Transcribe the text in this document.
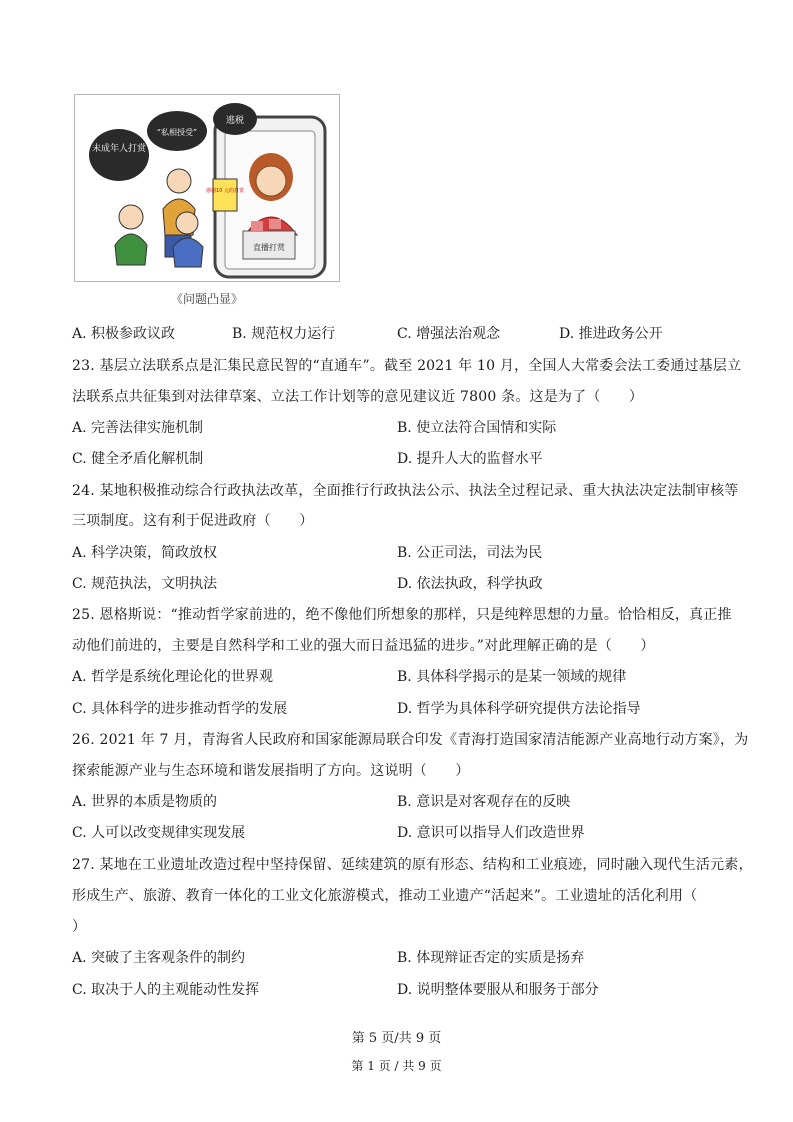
直播打赏
感谢10 元的打赏
未成年人打赏
“私相授受”
逃税
《问题凸显》
A. 积极参政议政	B. 规范权力运行	C. 增强法治观念	D. 推进政务公开
23. 基层立法联系点是汇集民意民智的“直通车”。截至 2021 年 10 月，全国人大常委会法工委通过基层立
法联系点共征集到对法律草案、立法工作计划等的意见建议近 7800 条。这是为了（　　）
A. 完善法律实施机制	B. 使立法符合国情和实际
C. 健全矛盾化解机制	D. 提升人大的监督水平
24. 某地积极推动综合行政执法改革，全面推行行政执法公示、执法全过程记录、重大执法决定法制审核等
三项制度。这有利于促进政府（　　）
A. 科学决策，简政放权	B. 公正司法，司法为民
C. 规范执法，文明执法	D. 依法执政，科学执政
25. 恩格斯说：“推动哲学家前进的，绝不像他们所想象的那样，只是纯粹思想的力量。恰恰相反，真正推
动他们前进的，主要是自然科学和工业的强大而日益迅猛的进步。”对此理解正确的是（　　）
A. 哲学是系统化理论化的世界观	B. 具体科学揭示的是某一领域的规律
C. 具体科学的进步推动哲学的发展	D. 哲学为具体科学研究提供方法论指导
26. 2021 年 7 月，青海省人民政府和国家能源局联合印发《青海打造国家清洁能源产业高地行动方案》，为
探索能源产业与生态环境和谐发展指明了方向。这说明（　　）
A. 世界的本质是物质的	B. 意识是对客观存在的反映
C. 人可以改变规律实现发展	D. 意识可以指导人们改造世界
27. 某地在工业遗址改造过程中坚持保留、延续建筑的原有形态、结构和工业痕迹，同时融入现代生活元素，
形成生产、旅游、教育一体化的工业文化旅游模式，推动工业遗产“活起来”。工业遗址的活化利用（
）
A. 突破了主客观条件的制约	B. 体现辩证否定的实质是扬弃
C. 取决于人的主观能动性发挥	D. 说明整体要服从和服务于部分
第 5 页/共 9 页
第 1 页 / 共 9 页
